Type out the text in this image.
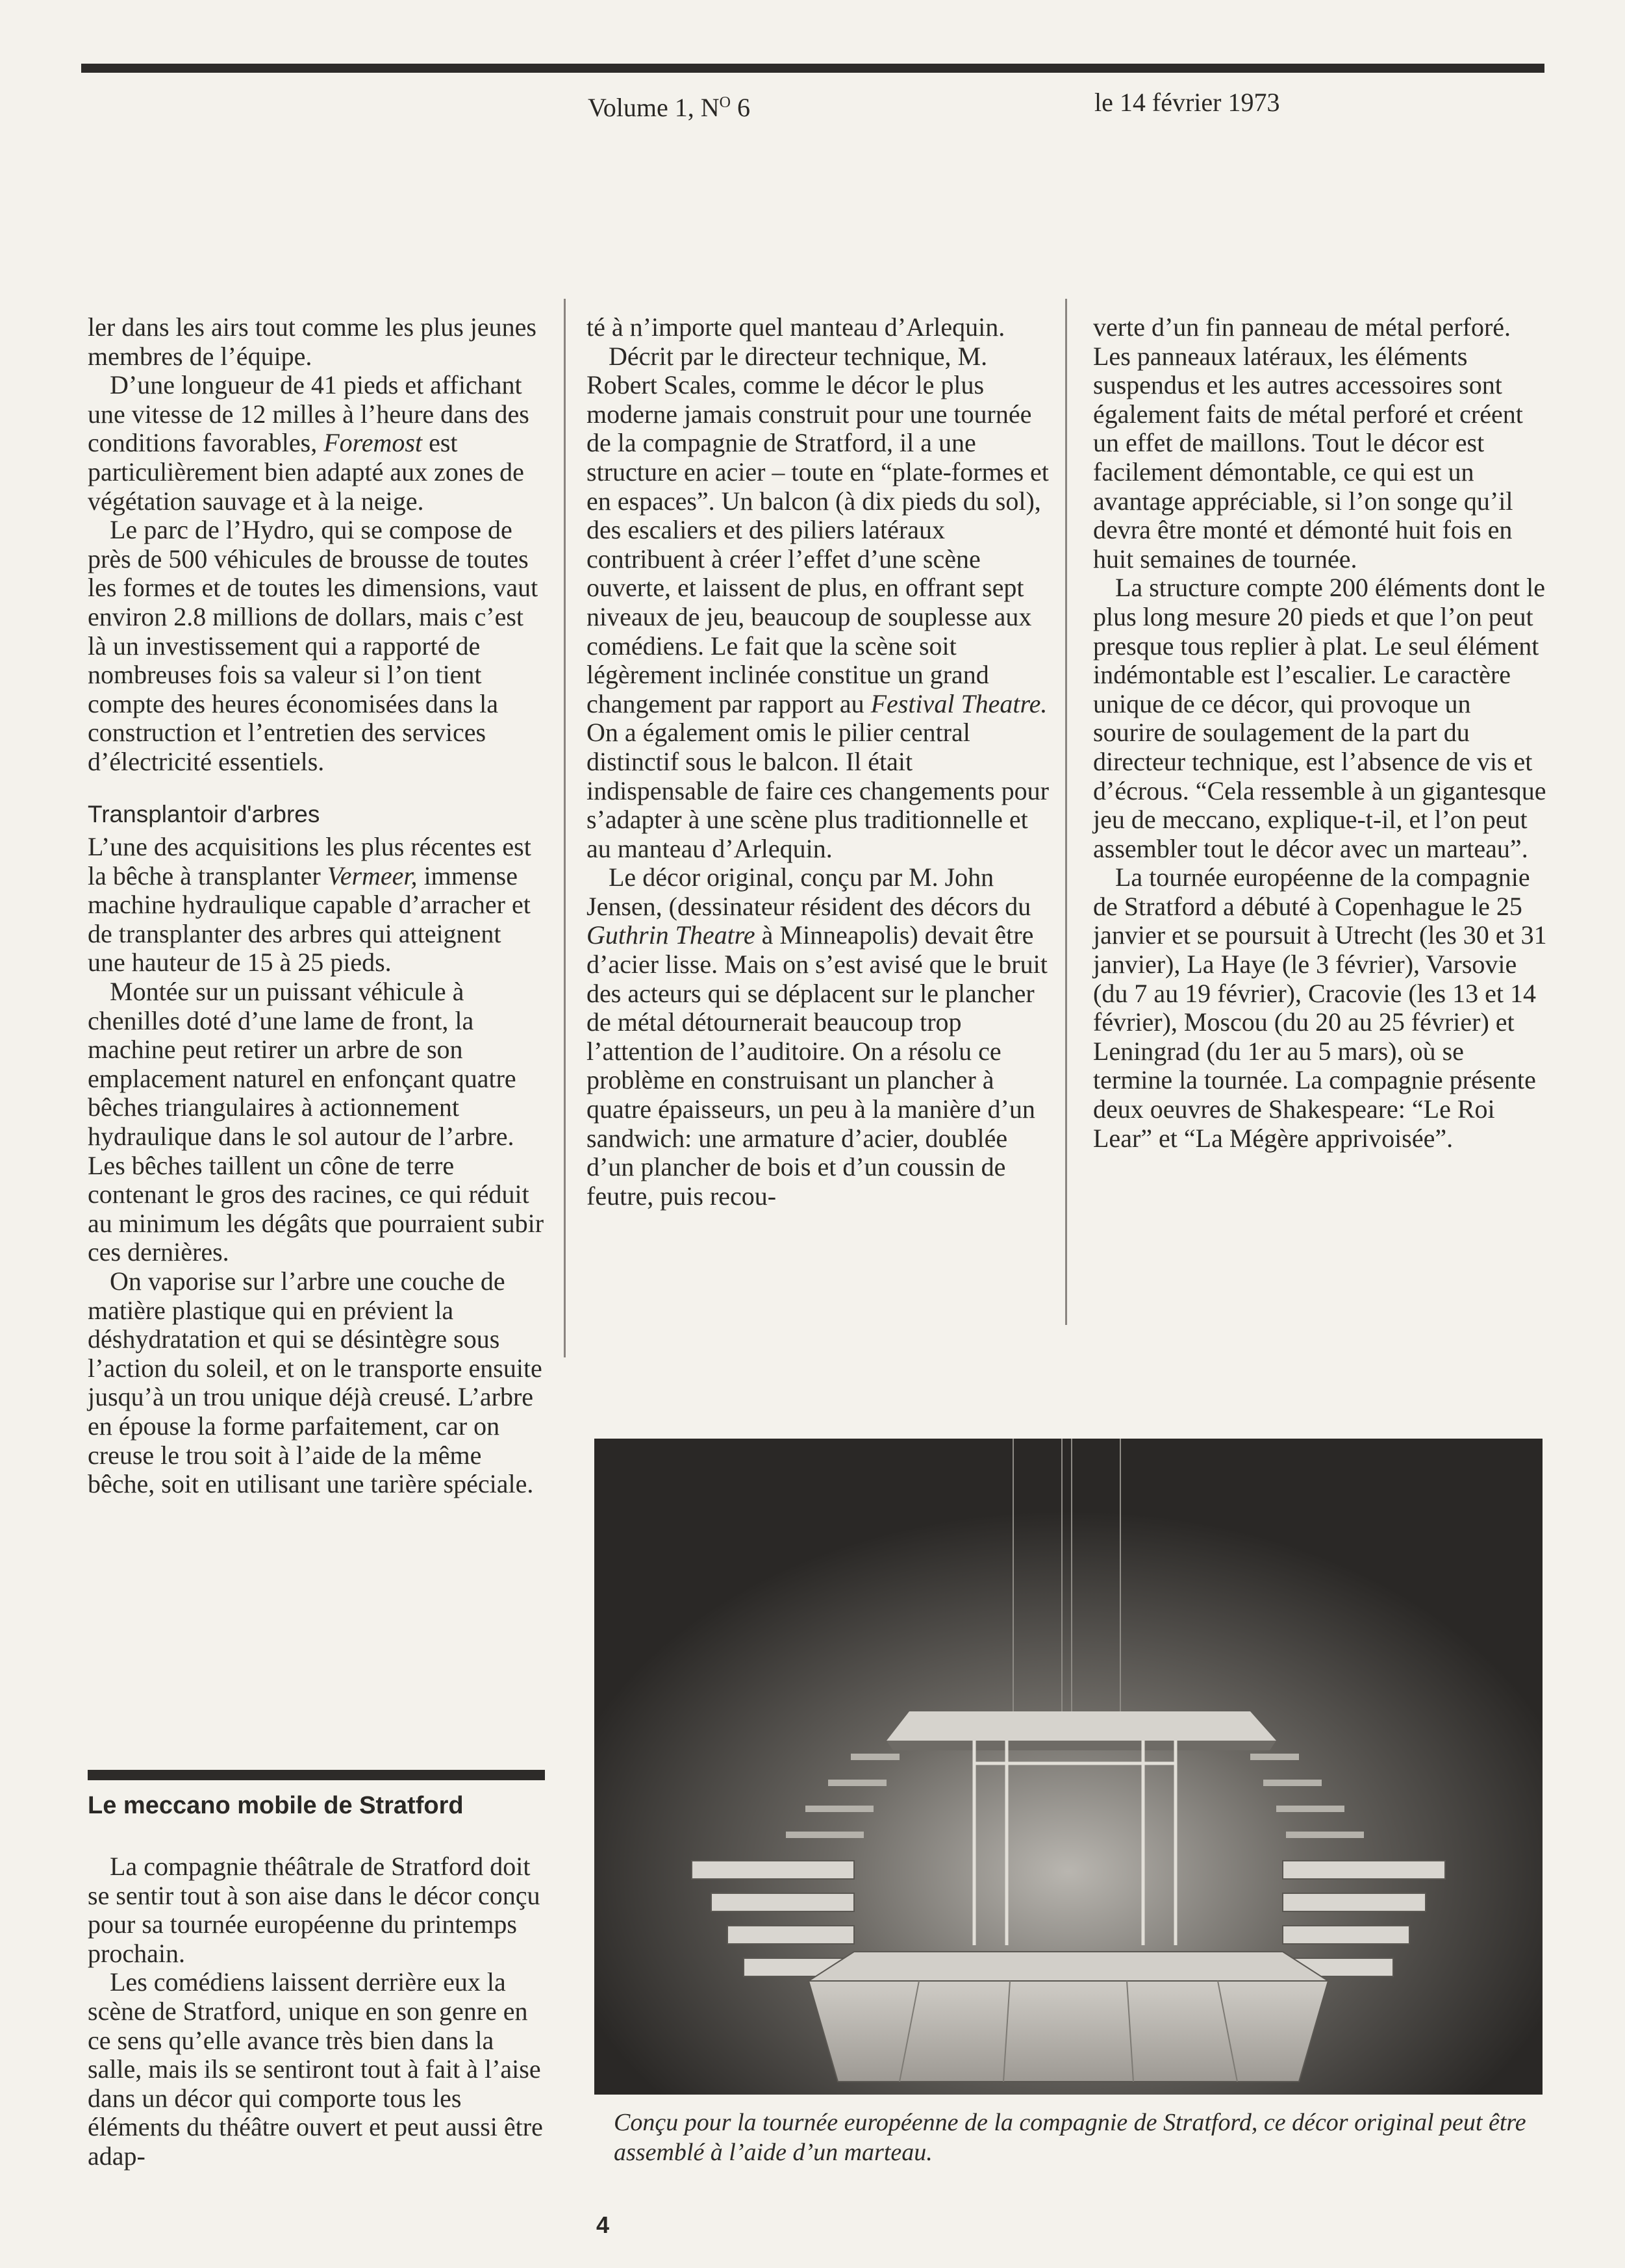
Volume 1, $N^O$ 6	le 14 février 1973

ler dans les airs tout comme les plus jeunes membres de l’équipe.

D’une longueur de 41 pieds et affichant une vitesse de 12 milles à l’heure dans des conditions favorables, Foremost est particulièrement bien adapté aux zones de végétation sauvage et à la neige.

Le parc de l’Hydro, qui se compose de près de 500 véhicules de brousse de toutes les formes et de toutes les dimensions, vaut environ 2.8 millions de dollars, mais c’est là un investissement qui a rapporté de nombreuses fois sa valeur si l’on tient compte des heures économisées dans la construction et l’entretien des services d’électricité essentiels.

Transplantoir d'arbres

L’une des acquisitions les plus récentes est la bêche à transplanter Vermeer, immense machine hydraulique capable d’arracher et de transplanter des arbres qui atteignent une hauteur de 15 à 25 pieds.

Montée sur un puissant véhicule à chenilles doté d’une lame de front, la machine peut retirer un arbre de son emplacement naturel en enfonçant quatre bêches triangulaires à actionnement hydraulique dans le sol autour de l’arbre. Les bêches taillent un cône de terre contenant le gros des racines, ce qui réduit au minimum les dégâts que pourraient subir ces dernières.

On vaporise sur l’arbre une couche de matière plastique qui en prévient la déshydratation et qui se désintègre sous l’action du soleil, et on le transporte ensuite jusqu’à un trou unique déjà creusé. L’arbre en épouse la forme parfaitement, car on creuse le trou soit à l’aide de la même bêche, soit en utilisant une tarière spéciale.

Le meccano mobile de Stratford

La compagnie théâtrale de Stratford doit se sentir tout à son aise dans le décor conçu pour sa tournée européenne du printemps prochain.

Les comédiens laissent derrière eux la scène de Stratford, unique en son genre en ce sens qu’elle avance très bien dans la salle, mais ils se sentiront tout à fait à l’aise dans un décor qui comporte tous les éléments du théâtre ouvert et peut aussi être adap-

té à n’importe quel manteau d’Arlequin.

Décrit par le directeur technique, M. Robert Scales, comme le décor le plus moderne jamais construit pour une tournée de la compagnie de Stratford, il a une structure en acier – toute en “plate-formes et en espaces”. Un balcon (à dix pieds du sol), des escaliers et des piliers latéraux contribuent à créer l’effet d’une scène ouverte, et laissent de plus, en offrant sept niveaux de jeu, beaucoup de souplesse aux comédiens. Le fait que la scène soit légèrement inclinée constitue un grand changement par rapport au Festival Theatre. On a également omis le pilier central distinctif sous le balcon. Il était indispensable de faire ces changements pour s’adapter à une scène plus traditionnelle et au manteau d’Arlequin.

Le décor original, conçu par M. John Jensen, (dessinateur résident des décors du Guthrin Theatre à Minneapolis) devait être d’acier lisse. Mais on s’est avisé que le bruit des acteurs qui se déplacent sur le plancher de métal détournerait beaucoup trop l’attention de l’auditoire. On a résolu ce problème en construisant un plancher à quatre épaisseurs, un peu à la manière d’un sandwich: une armature d’acier, doublée d’un plancher de bois et d’un coussin de feutre, puis recou-

verte d’un fin panneau de métal perforé. Les panneaux latéraux, les éléments suspendus et les autres accessoires sont également faits de métal perforé et créent un effet de maillons. Tout le décor est facilement démontable, ce qui est un avantage appréciable, si l’on songe qu’il devra être monté et démonté huit fois en huit semaines de tournée.

La structure compte 200 éléments dont le plus long mesure 20 pieds et que l’on peut presque tous replier à plat. Le seul élément indémontable est l’escalier. Le caractère unique de ce décor, qui provoque un sourire de soulagement de la part du directeur technique, est l’absence de vis et d’écrous. “Cela ressemble à un gigantesque jeu de meccano, explique-t-il, et l’on peut assembler tout le décor avec un marteau”.

La tournée européenne de la compagnie de Stratford a débuté à Copenhague le 25 janvier et se poursuit à Utrecht (les 30 et 31 janvier), La Haye (le 3 février), Varsovie (du 7 au 19 février), Cracovie (les 13 et 14 février), Moscou (du 20 au 25 février) et Leningrad (du 1er au 5 mars), où se termine la tournée. La compagnie présente deux oeuvres de Shakespeare: “Le Roi Lear” et “La Mégère apprivoisée”.

Conçu pour la tournée européenne de la compagnie de Stratford, ce décor original peut être assemblé à l’aide d’un marteau.
4
